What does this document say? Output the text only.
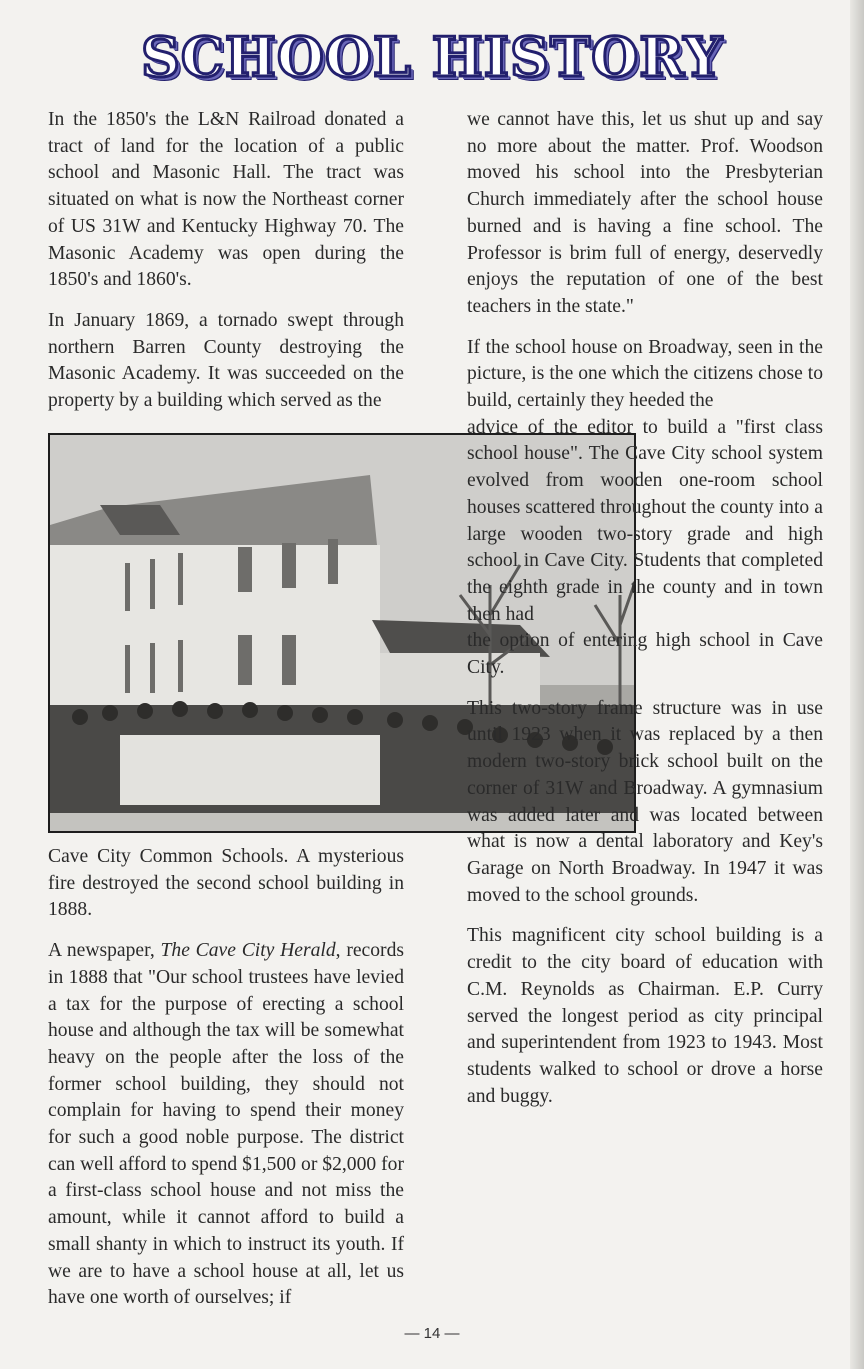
SCHOOL HISTORY

In the 1850's the L&N Railroad donated a tract of land for the location of a public school and Masonic Hall. The tract was situated on what is now the Northeast corner of US 31W and Kentucky Highway 70. The Masonic Academy was open during the 1850's and 1860's.

In January 1869, a tornado swept through northern Barren County destroying the Masonic Academy. It was succeeded on the property by a building which served as the

Cave City Common Schools. A mysterious fire destroyed the second school building in 1888.

A newspaper, The Cave City Herald, records in 1888 that "Our school trustees have levied a tax for the purpose of erecting a school house and although the tax will be somewhat heavy on the people after the loss of the former school building, they should not complain for having to spend their money for such a good noble purpose. The district can well afford to spend $1,500 or $2,000 for a first-class school house and not miss the amount, while it cannot afford to build a small shanty in which to instruct its youth. If we are to have a school house at all, let us have one worth of ourselves; if

we cannot have this, let us shut up and say no more about the matter. Prof. Woodson moved his school into the Presbyterian Church immediately after the school house burned and is having a fine school. The Professor is brim full of energy, deservedly enjoys the reputation of one of the best teachers in the state."

If the school house on Broadway, seen in the picture, is the one which the citizens chose to build, certainly they heeded the

advice of the editor to build a "first class school house". The Cave City school system evolved from wooden one-room school houses scattered throughout the county into a large wooden two-story grade and high school in Cave City. Students that completed the eighth grade in the county and in town then had

the option of entering high school in Cave City.

This two-story frame structure was in use until 1923 when it was replaced by a then modern two-story brick school built on the corner of 31W and Broadway. A gymnasium was added later and was located between what is now a dental laboratory and Key's Garage on North Broadway. In 1947 it was moved to the school grounds.

This magnificent city school building is a credit to the city board of education with C.M. Reynolds as Chairman. E.P. Curry served the longest period as city principal and superintendent from 1923 to 1943. Most students walked to school or drove a horse and buggy.

— 14 —
